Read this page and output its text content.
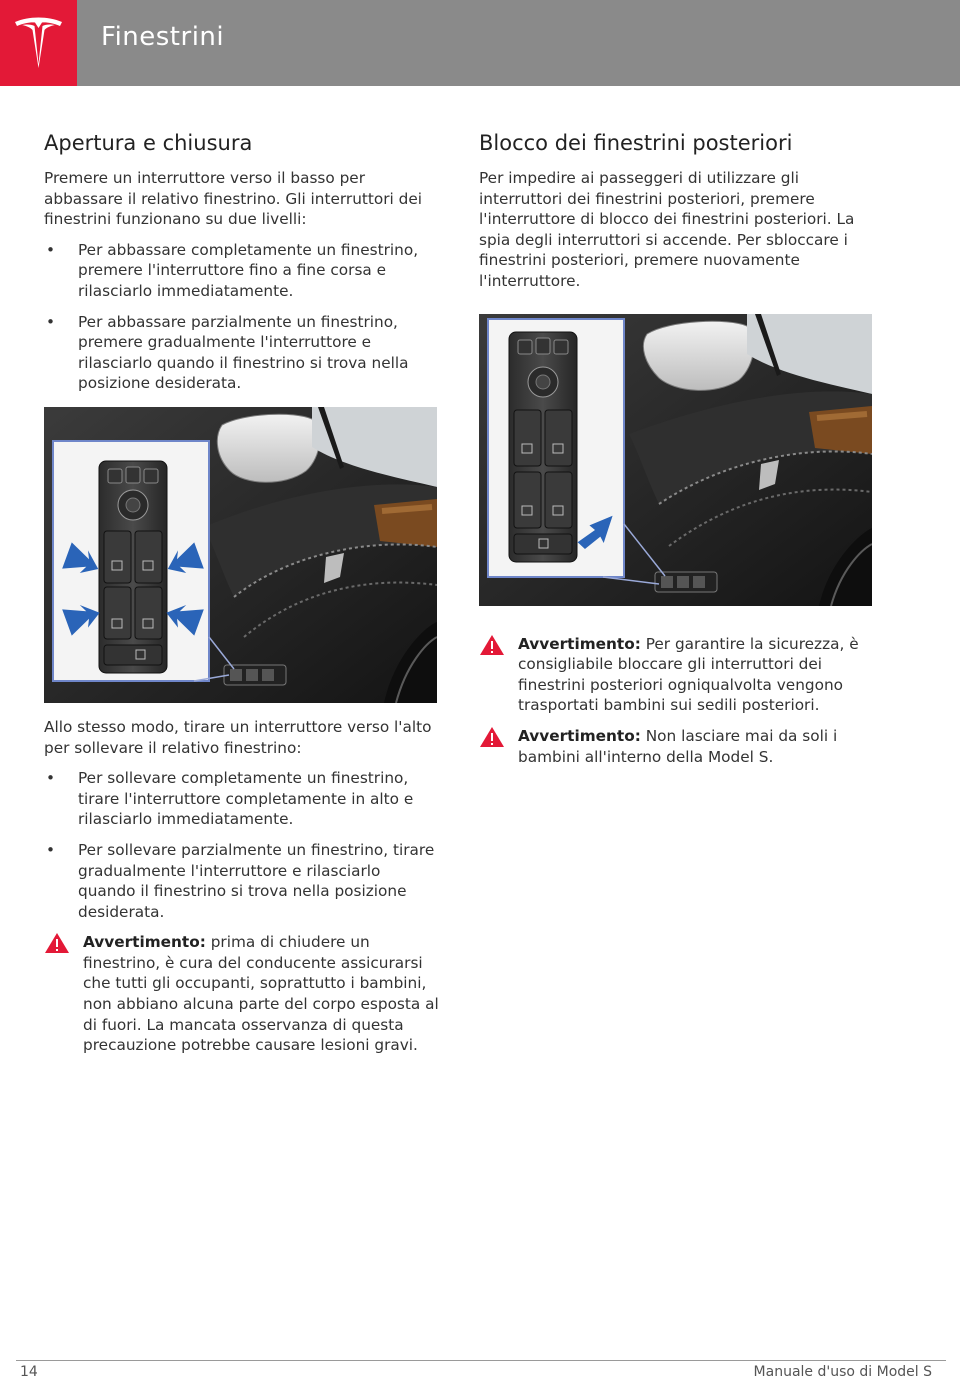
Finestrini
Apertura e chiusura

Premere un interruttore verso il basso per abbassare il relativo finestrino. Gli interruttori dei finestrini funzionano su due livelli:

• Per abbassare completamente un finestrino, premere l'interruttore fino a fine corsa e rilasciarlo immediatamente.
• Per abbassare parzialmente un finestrino, premere gradualmente l'interruttore e rilasciarlo quando il finestrino si trova nella posizione desiderata.

Allo stesso modo, tirare un interruttore verso l'alto per sollevare il relativo finestrino:

• Per sollevare completamente un finestrino, tirare l'interruttore completamente in alto e rilasciarlo immediatamente.
• Per sollevare parzialmente un finestrino, tirare gradualmente l'interruttore e rilasciarlo quando il finestrino si trova nella posizione desiderata.
Avvertimento: prima di chiudere un finestrino, è cura del conducente assicurarsi che tutti gli occupanti, soprattutto i bambini, non abbiano alcuna parte del corpo esposta al di fuori. La mancata osservanza di questa precauzione potrebbe causare lesioni gravi.
Blocco dei finestrini posteriori

Per impedire ai passeggeri di utilizzare gli interruttori dei finestrini posteriori, premere l'interruttore di blocco dei finestrini posteriori. La spia degli interruttori si accende. Per sbloccare i finestrini posteriori, premere nuovamente l'interruttore.

Avvertimento: Per garantire la sicurezza, è consigliabile bloccare gli interruttori dei finestrini posteriori ogniqualvolta vengono trasportati bambini sui sedili posteriori.
Avvertimento: Non lasciare mai da soli i bambini all'interno della Model S.
14	Manuale d'uso di Model S
